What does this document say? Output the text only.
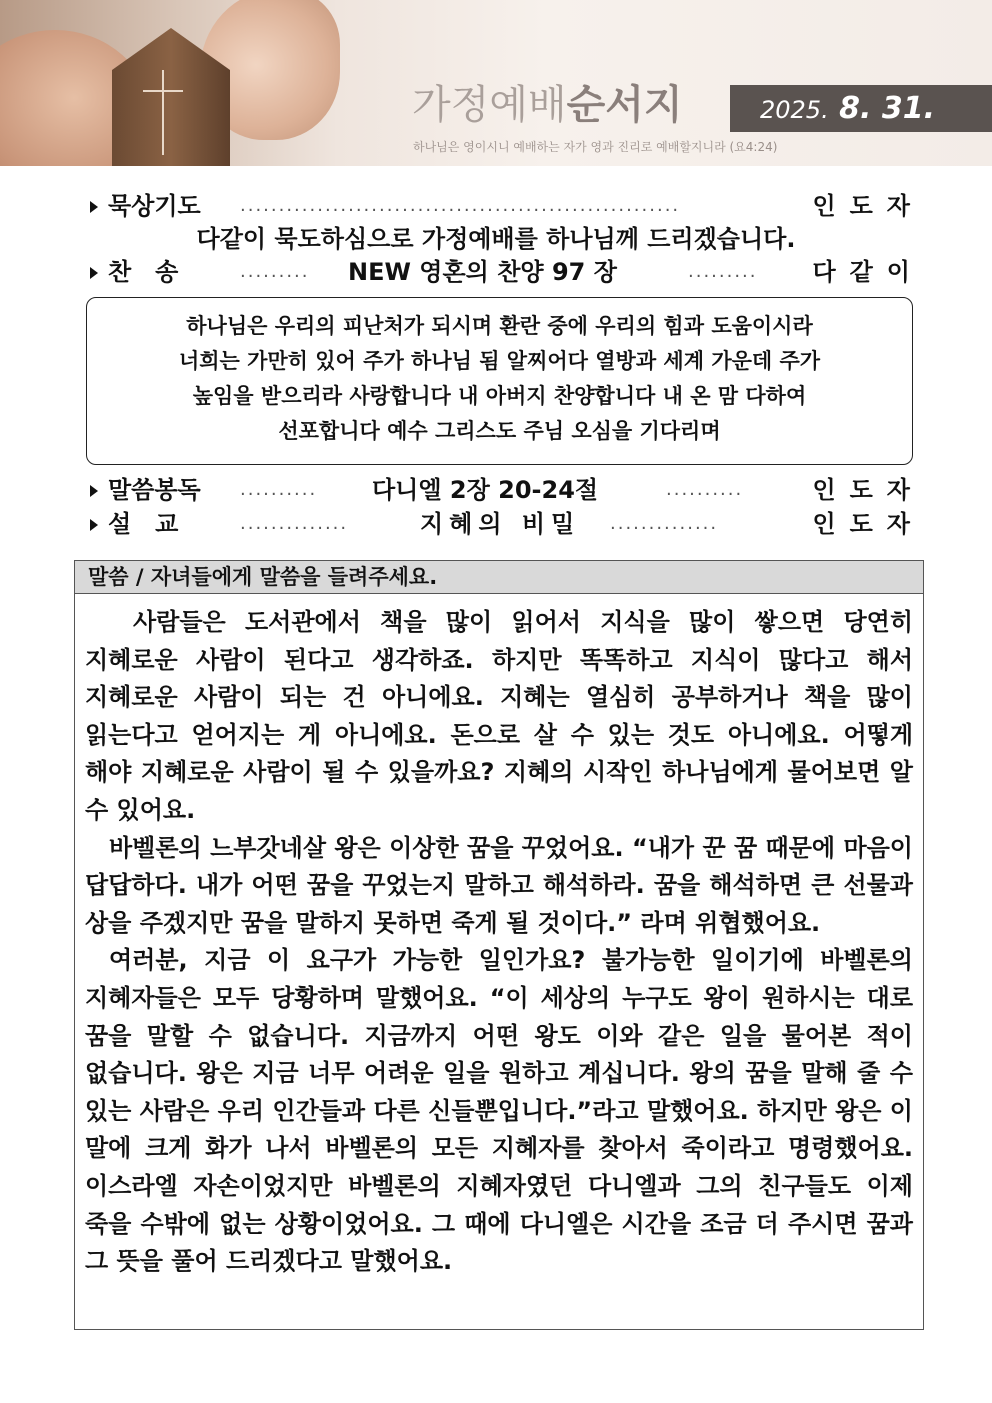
가정예배순서지	2025. 8. 31.
하나님은 영이시니 예배하는 자가 영과 진리로 예배할지니라 (요4:24)
묵상기도 .........................................................	인도자
다같이 묵도하심으로 가정예배를 하나님께 드리겠습니다.
찬　송	......... NEW 영혼의 찬양 97 장	......... 다같이

하나님은 우리의 피난처가 되시며 환란 중에 우리의 힘과 도움이시라

너희는 가만히 있어 주가 하나님 됨 알찌어다 열방과 세계 가운데 주가

높임을 받으리라 사랑합니다 내 아버지 찬양합니다 내 온 맘 다하여

선포합니다 예수 그리스도 주님 오심을 기다리며

말씀봉독 .......... 다니엘 2장 20-24절	..........	인도자
설　교	..............	지혜의 비밀 ..............	인도자
말씀 / 자녀들에게 말씀을 들려주세요.

사람들은 도서관에서 책을 많이 읽어서 지식을 많이 쌓으면 당연히 지혜로운 사람이 된다고 생각하죠. 하지만 똑똑하고 지식이 많다고 해서 지혜로운 사람이 되는 건 아니에요. 지혜는 열심히 공부하거나 책을 많이 읽는다고 얻어지는 게 아니에요. 돈으로 살 수 있는 것도 아니에요. 어떻게 해야 지혜로운 사람이 될 수 있을까요? 지혜의 시작인 하나님에게 물어보면 알 수 있어요.

바벨론의 느부갓네살 왕은 이상한 꿈을 꾸었어요. “내가 꾼 꿈 때문에 마음이 답답하다. 내가 어떤 꿈을 꾸었는지 말하고 해석하라. 꿈을 해석하면 큰 선물과 상을 주겠지만 꿈을 말하지 못하면 죽게 될 것이다.” 라며 위협했어요.

여러분, 지금 이 요구가 가능한 일인가요? 불가능한 일이기에 바벨론의 지혜자들은 모두 당황하며 말했어요. “이 세상의 누구도 왕이 원하시는 대로 꿈을 말할 수 없습니다. 지금까지 어떤 왕도 이와 같은 일을 물어본 적이 없습니다. 왕은 지금 너무 어려운 일을 원하고 계십니다. 왕의 꿈을 말해 줄 수 있는 사람은 우리 인간들과 다른 신들뿐입니다.”라고 말했어요. 하지만 왕은 이 말에 크게 화가 나서 바벨론의 모든 지혜자를 찾아서 죽이라고 명령했어요. 이스라엘 자손이었지만 바벨론의 지혜자였던 다니엘과 그의 친구들도 이제 죽을 수밖에 없는 상황이었어요. 그 때에 다니엘은 시간을 조금 더 주시면 꿈과 그 뜻을 풀어 드리겠다고 말했어요.
